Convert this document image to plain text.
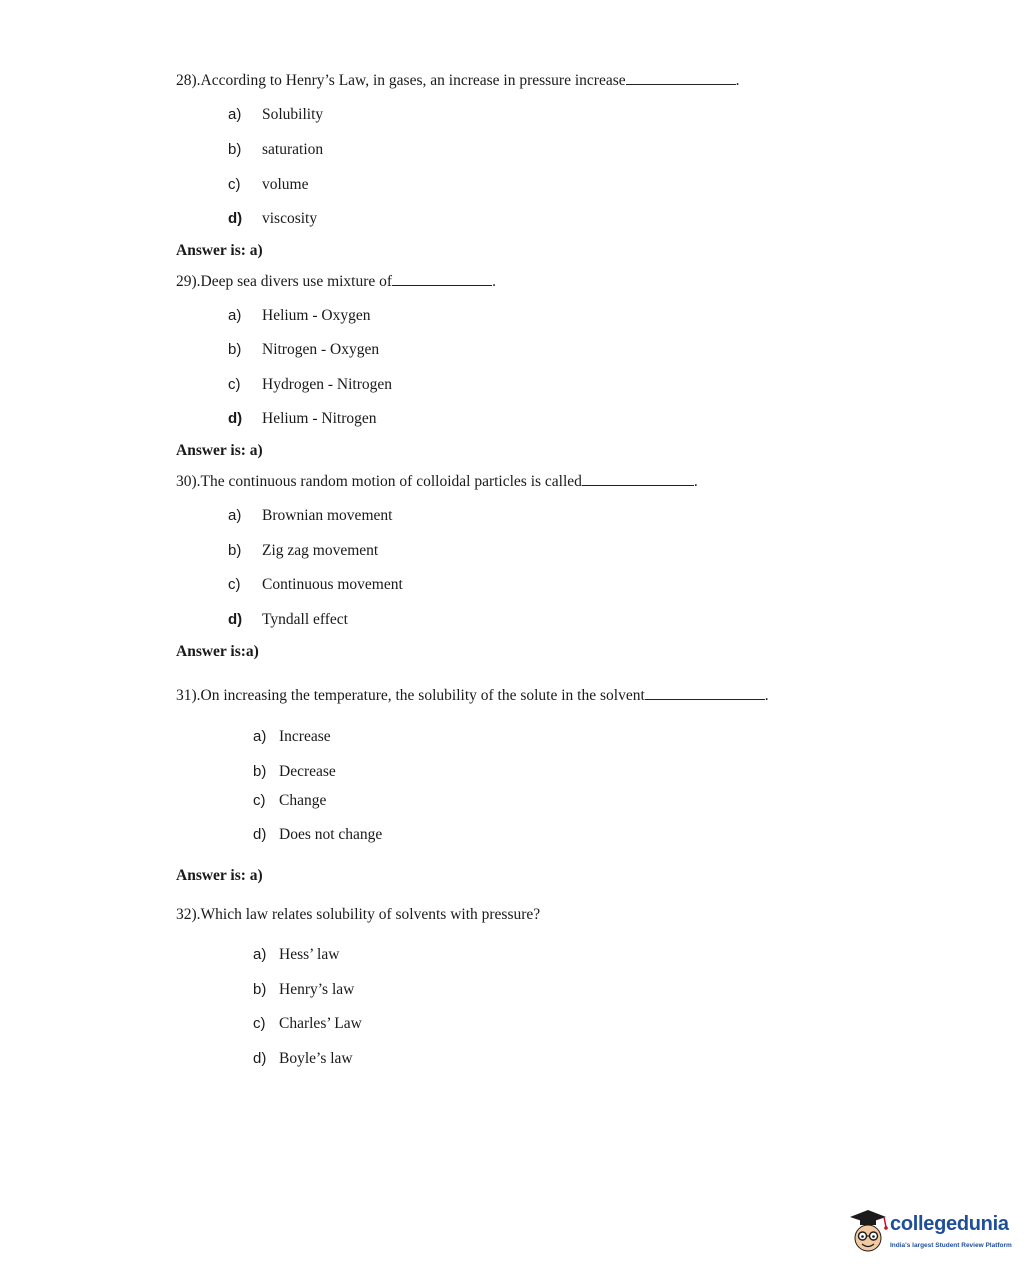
28).According to Henry’s Law, in gases, an increase in pressure increase	.
a) Solubility
b) saturation
c) volume
d) viscosity
Answer is: a)
29).Deep sea divers use mixture of	.
a) Helium - Oxygen
b) Nitrogen - Oxygen
c) Hydrogen - Nitrogen
d) Helium - Nitrogen
Answer is: a)
30).The continuous random motion of colloidal particles is called	.
a) Brownian movement
b) Zig zag movement
c) Continuous movement
d) Tyndall effect
Answer is:a)
31).On increasing the temperature, the solubility of the solute in the solvent	.
a) Increase
b) Decrease
c) Change
d) Does not change
Answer is: a)
32).Which law relates solubility of solvents with pressure?
a) Hess’ law
b) Henry’s law
c) Charles’ Law
d) Boyle’s law
collegedunia
India's largest Student Review Platform
